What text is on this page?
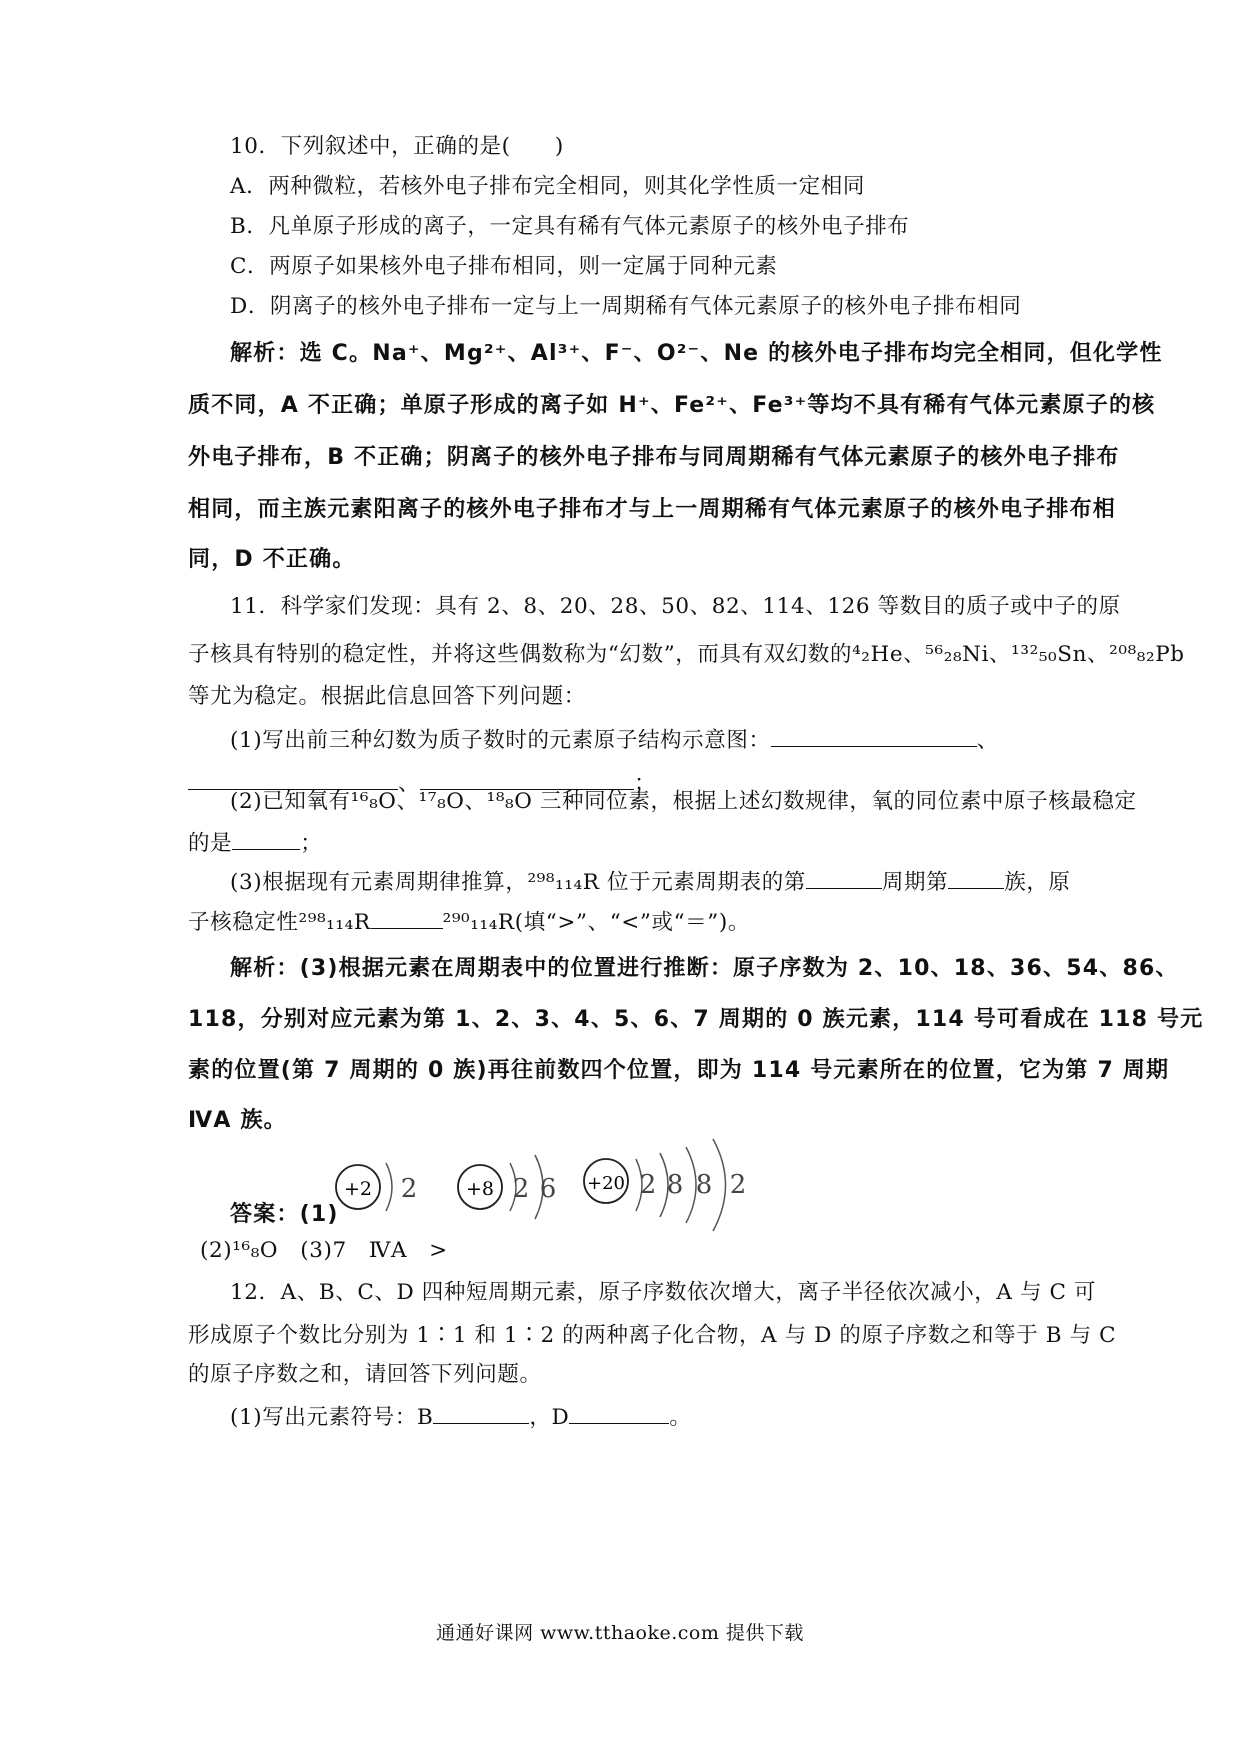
10．下列叙述中，正确的是(　　)
A．两种微粒，若核外电子排布完全相同，则其化学性质一定相同
B．凡单原子形成的离子，一定具有稀有气体元素原子的核外电子排布
C．两原子如果核外电子排布相同，则一定属于同种元素
D．阴离子的核外电子排布一定与上一周期稀有气体元素原子的核外电子排布相同
解析：选 C。Na⁺、Mg²⁺、Al³⁺、F⁻、O²⁻、Ne 的核外电子排布均完全相同，但化学性
质不同，A 不正确；单原子形成的离子如 H⁺、Fe²⁺、Fe³⁺等均不具有稀有气体元素原子的核
外电子排布，B 不正确；阴离子的核外电子排布与同周期稀有气体元素原子的核外电子排布
相同，而主族元素阳离子的核外电子排布才与上一周期稀有气体元素原子的核外电子排布相
同，D 不正确。
11．科学家们发现：具有 2、8、20、28、50、82、114、126 等数目的质子或中子的原
子核具有特别的稳定性，并将这些偶数称为“幻数”，而具有双幻数的⁴₂He、⁵⁶₂₈Ni、¹³²₅₀Sn、²⁰⁸₈₂Pb
等尤为稳定。根据此信息回答下列问题：
(1)写出前三种幻数为质子数时的元素原子结构示意图：	、
、	；
(2)已知氧有¹⁶₈O、¹⁷₈O、¹⁸₈O 三种同位素，根据上述幻数规律，氧的同位素中原子核最稳定
的是	；
(3)根据现有元素周期律推算，²⁹⁸₁₁₄R 位于元素周期表的第	周期第	族，原
子核稳定性²⁹⁸₁₁₄R	²⁹⁰₁₁₄R(填“>”、“<”或“＝”)。
解析：(3)根据元素在周期表中的位置进行推断：原子序数为 2、10、18、36、54、86、
118，分别对应元素为第 1、2、3、4、5、6、7 周期的 0 族元素，114 号可看成在 118 号元
素的位置(第 7 周期的 0 族)再往前数四个位置，即为 114 号元素所在的位置，它为第 7 周期
ⅣA 族。
+2 2	+8 2 6 +20 2 8 8 2
答案：(1)
(2)¹⁶₈O　(3)7　ⅣA　>
12．A、B、C、D 四种短周期元素，原子序数依次增大，离子半径依次减小，A 与 C 可
形成原子个数比分别为 1∶1 和 1∶2 的两种离子化合物，A 与 D 的原子序数之和等于 B 与 C
的原子序数之和，请回答下列问题。
(1)写出元素符号：B	，D	。
通通好课网 www.tthaoke.com 提供下载
